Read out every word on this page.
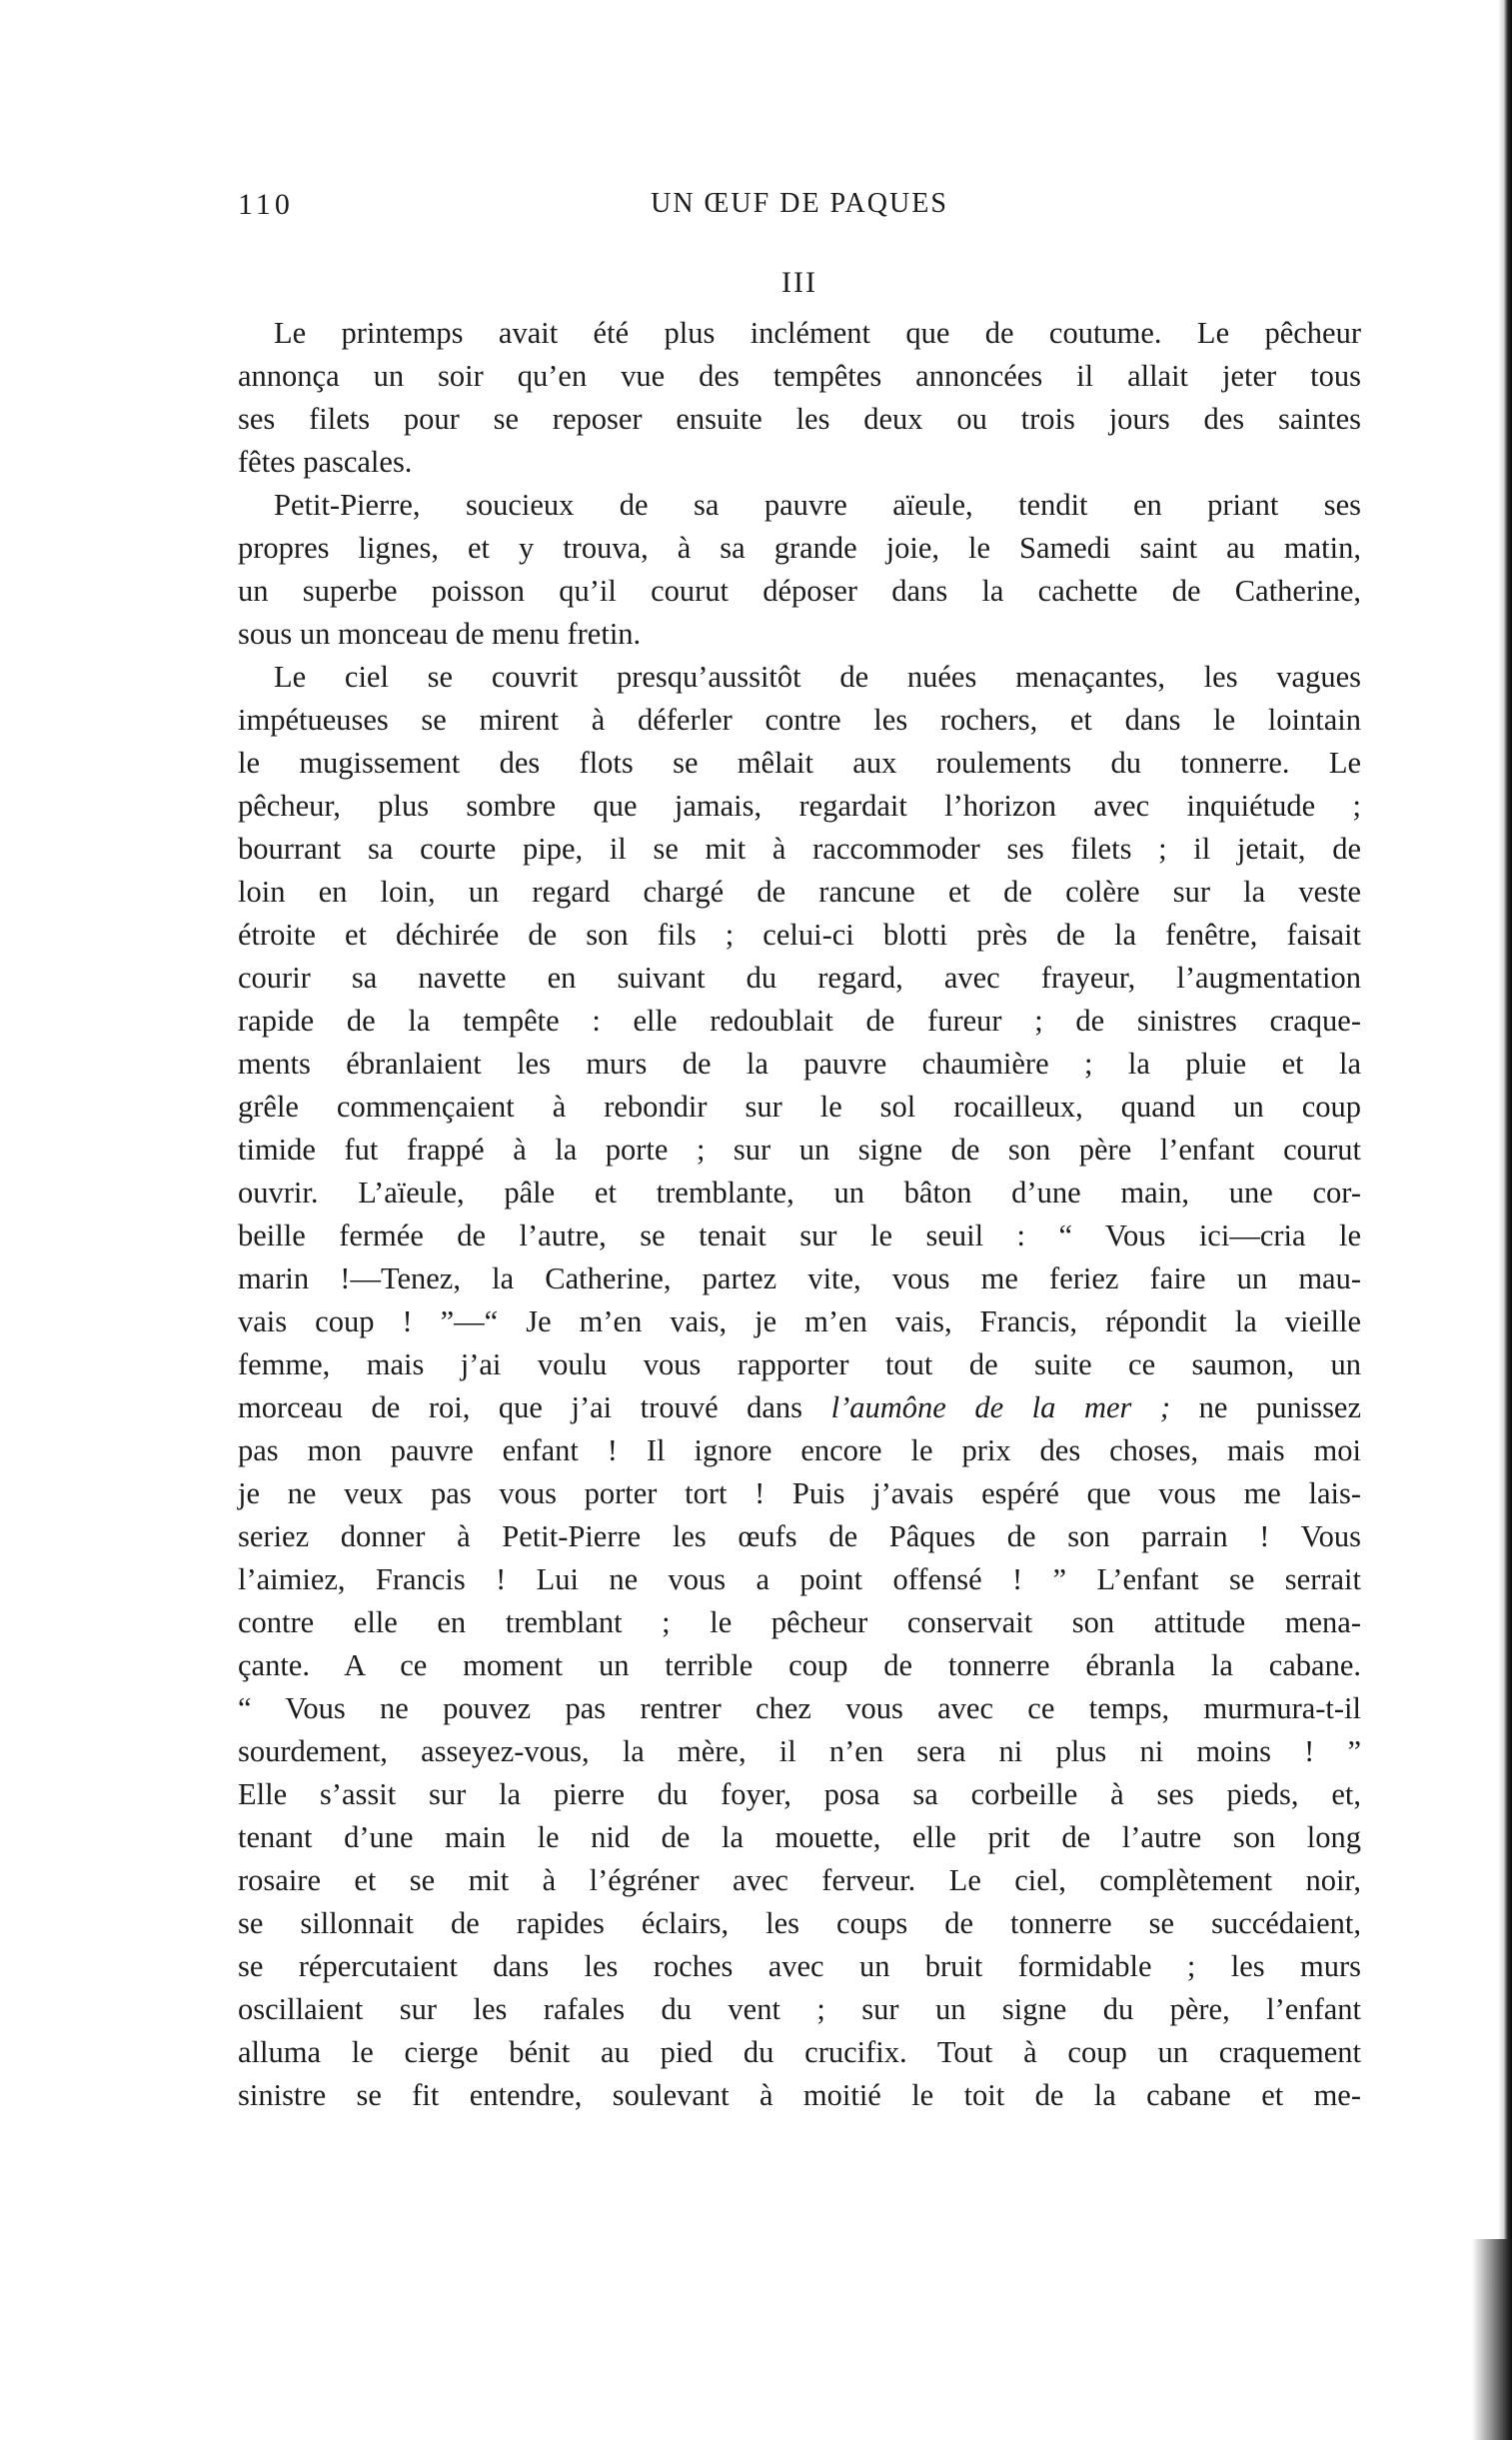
110	UN ŒUF DE PAQUES
III
Le printemps avait été plus inclément que de coutume. Le pêcheur
annonça un soir qu’en vue des tempêtes annoncées il allait jeter tous
ses filets pour se reposer ensuite les deux ou trois jours des saintes
fêtes pascales.
Petit-Pierre, soucieux de sa pauvre aïeule, tendit en priant ses
propres lignes, et y trouva, à sa grande joie, le Samedi saint au matin,
un superbe poisson qu’il courut déposer dans la cachette de Catherine,
sous un monceau de menu fretin.
Le ciel se couvrit presqu’aussitôt de nuées menaçantes, les vagues
impétueuses se mirent à déferler contre les rochers, et dans le lointain
le mugissement des flots se mêlait aux roulements du tonnerre. Le
pêcheur, plus sombre que jamais, regardait l’horizon avec inquiétude ;
bourrant sa courte pipe, il se mit à raccommoder ses filets ; il jetait, de
loin en loin, un regard chargé de rancune et de colère sur la veste
étroite et déchirée de son fils ; celui-ci blotti près de la fenêtre, faisait
courir sa navette en suivant du regard, avec frayeur, l’augmentation
rapide de la tempête : elle redoublait de fureur ; de sinistres craque-
ments ébranlaient les murs de la pauvre chaumière ; la pluie et la
grêle commençaient à rebondir sur le sol rocailleux, quand un coup
timide fut frappé à la porte ; sur un signe de son père l’enfant courut
ouvrir. L’aïeule, pâle et tremblante, un bâton d’une main, une cor-
beille fermée de l’autre, se tenait sur le seuil : “ Vous ici—cria le
marin !—Tenez, la Catherine, partez vite, vous me feriez faire un mau-
vais coup ! ”—“ Je m’en vais, je m’en vais, Francis, répondit la vieille
femme, mais j’ai voulu vous rapporter tout de suite ce saumon, un
morceau de roi, que j’ai trouvé dans l’aumône de la mer ; ne punissez
pas mon pauvre enfant ! Il ignore encore le prix des choses, mais moi
je ne veux pas vous porter tort ! Puis j’avais espéré que vous me lais-
seriez donner à Petit-Pierre les œufs de Pâques de son parrain ! Vous
l’aimiez, Francis ! Lui ne vous a point offensé ! ” L’enfant se serrait
contre elle en tremblant ; le pêcheur conservait son attitude mena-
çante. A ce moment un terrible coup de tonnerre ébranla la cabane.
“ Vous ne pouvez pas rentrer chez vous avec ce temps, murmura-t-il
sourdement, asseyez-vous, la mère, il n’en sera ni plus ni moins ! ”
Elle s’assit sur la pierre du foyer, posa sa corbeille à ses pieds, et,
tenant d’une main le nid de la mouette, elle prit de l’autre son long
rosaire et se mit à l’égréner avec ferveur. Le ciel, complètement noir,
se sillonnait de rapides éclairs, les coups de tonnerre se succédaient,
se répercutaient dans les roches avec un bruit formidable ; les murs
oscillaient sur les rafales du vent ; sur un signe du père, l’enfant
alluma le cierge bénit au pied du crucifix. Tout à coup un craquement
sinistre se fit entendre, soulevant à moitié le toit de la cabane et me-
